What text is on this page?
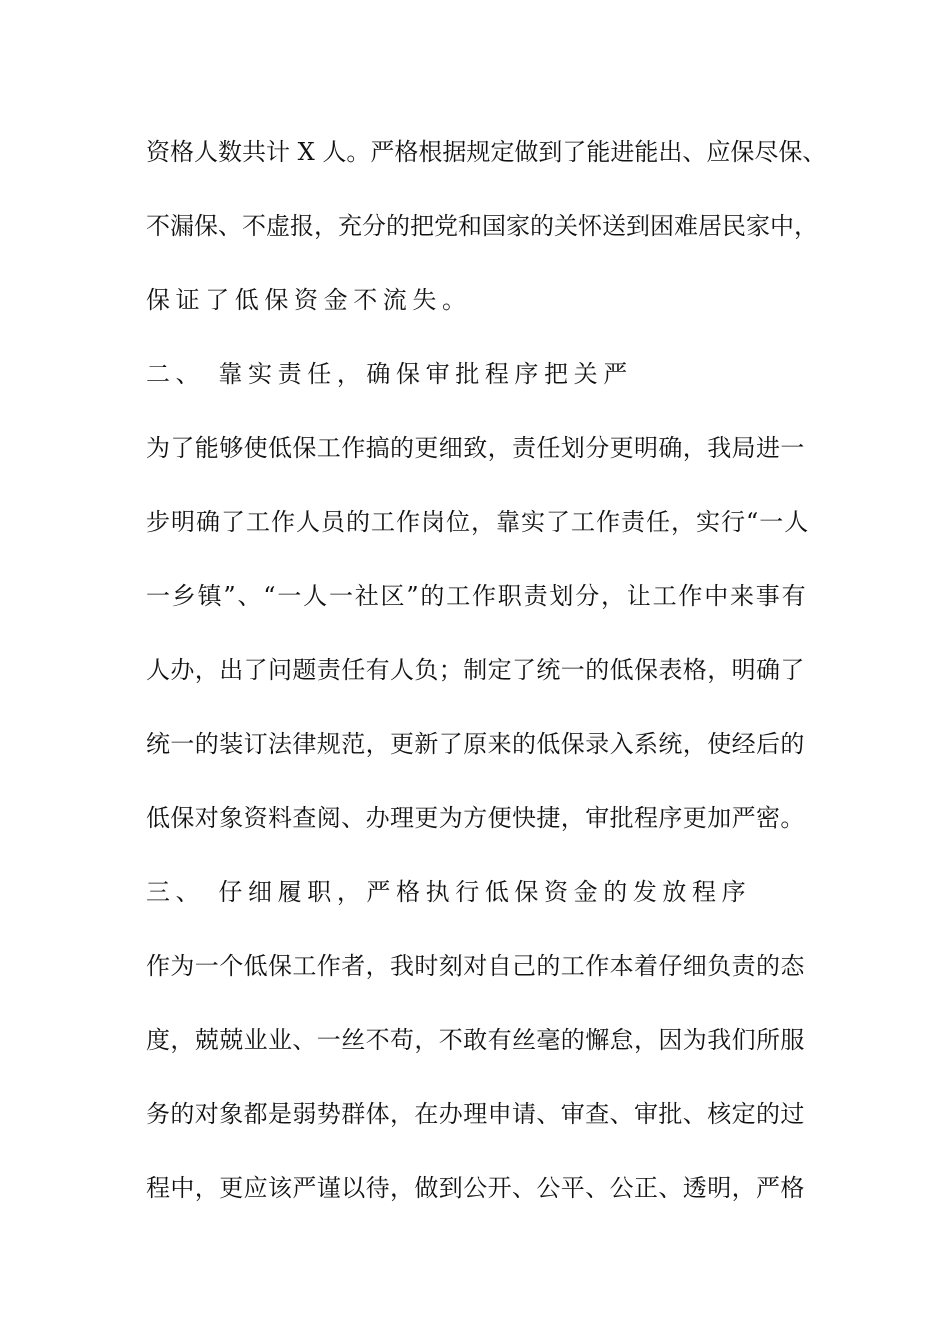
资格人数共计 X 人。严格根据规定做到了能进能出、应保尽保、
不漏保、不虚报，充分的把党和国家的关怀送到困难居民家中，
保证了低保资金不流失。
二、 靠实责任，确保审批程序把关严
为了能够使低保工作搞的更细致，责任划分更明确，我局进一
步明确了工作人员的工作岗位，靠实了工作责任，实行“一人
一乡镇”、“一人一社区”的工作职责划分，让工作中来事有
人办，出了问题责任有人负；制定了统一的低保表格，明确了
统一的装订法律规范，更新了原来的低保录入系统，使经后的
低保对象资料查阅、办理更为方便快捷，审批程序更加严密。
三、 仔细履职，严格执行低保资金的发放程序
作为一个低保工作者，我时刻对自己的工作本着仔细负责的态
度，兢兢业业、一丝不苟，不敢有丝毫的懈怠，因为我们所服
务的对象都是弱势群体，在办理申请、审查、审批、核定的过
程中，更应该严谨以待，做到公开、公平、公正、透明，严格
